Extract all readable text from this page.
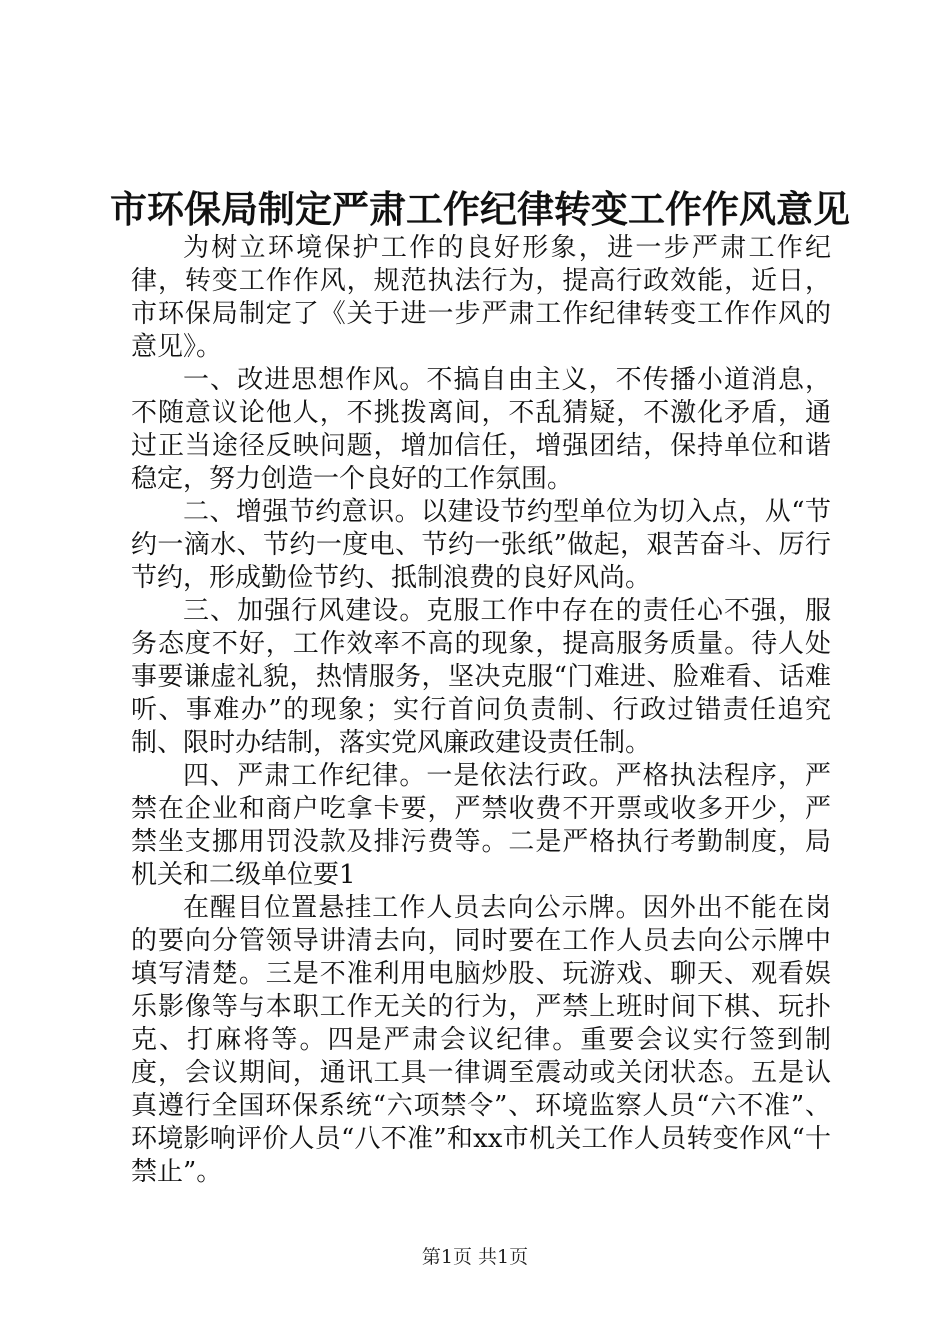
市环保局制定严肃工作纪律转变工作作风意见

为树立环境保护工作的良好形象，进一步严肃工作纪律，转变工作作风，规范执法行为，提高行政效能，近日，市环保局制定了《关于进一步严肃工作纪律转变工作作风的意见》。

一、改进思想作风。不搞自由主义，不传播小道消息，不随意议论他人，不挑拨离间，不乱猜疑，不激化矛盾，通过正当途径反映问题，增加信任，增强团结，保持单位和谐稳定，努力创造一个良好的工作氛围。

二、增强节约意识。以建设节约型单位为切入点，从“节约一滴水、节约一度电、节约一张纸”做起，艰苦奋斗、厉行节约，形成勤俭节约、抵制浪费的良好风尚。

三、加强行风建设。克服工作中存在的责任心不强，服务态度不好，工作效率不高的现象，提高服务质量。待人处事要谦虚礼貌，热情服务，坚决克服“门难进、脸难看、话难听、事难办”的现象；实行首问负责制、行政过错责任追究制、限时办结制，落实党风廉政建设责任制。

四、严肃工作纪律。一是依法行政。严格执法程序，严禁在企业和商户吃拿卡要，严禁收费不开票或收多开少，严禁坐支挪用罚没款及排污费等。二是严格执行考勤制度，局机关和二级单位要1

在醒目位置悬挂工作人员去向公示牌。因外出不能在岗的要向分管领导讲清去向，同时要在工作人员去向公示牌中填写清楚。三是不准利用电脑炒股、玩游戏、聊天、观看娱乐影像等与本职工作无关的行为，严禁上班时间下棋、玩扑克、打麻将等。四是严肃会议纪律。重要会议实行签到制度，会议期间，通讯工具一律调至震动或关闭状态。五是认真遵行全国环保系统“六项禁令”、环境监察人员“六不准”、环境影响评价人员“八不准”和xx市机关工作人员转变作风“十禁止”。

第1页 共1页
